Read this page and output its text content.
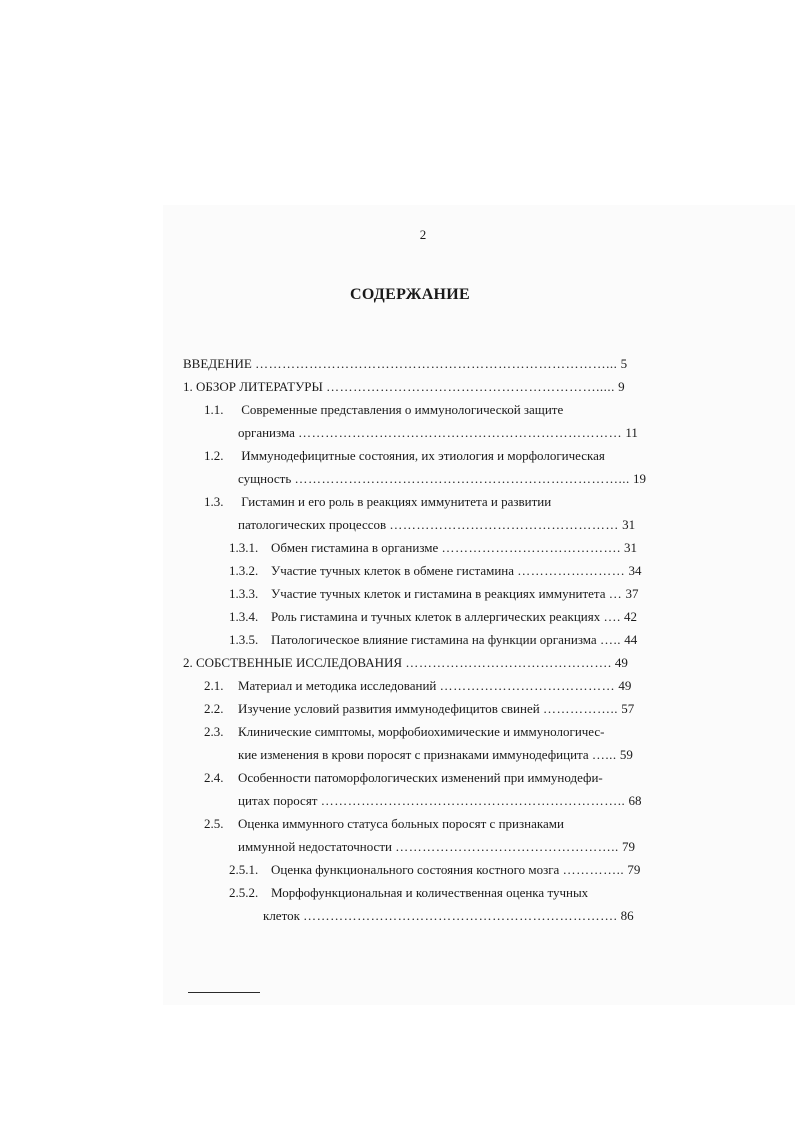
2
СОДЕРЖАНИЕ
ВВЕДЕНИЕ ……………………………………………………………………... 5
1. ОБЗОР ЛИТЕРАТУРЫ ……………………………………………………..... 9
1.1. Современные представления о иммунологической защите
организма ……………………………………………………………… 11
1.2. Иммунодефицитные состояния, их этиология и морфологическая
сущность ………………………………………………………………... 19
1.3. Гистамин и его роль в реакциях иммунитета и развитии
патологических процессов …………………………………………… 31
1.3.1. Обмен гистамина в организме …………………………………. 31
1.3.2. Участие тучных клеток в обмене гистамина …………………… 34
1.3.3. Участие тучных клеток и гистамина в реакциях иммунитета … 37
1.3.4. Роль гистамина и тучных клеток в аллергических реакциях …. 42
1.3.5. Патологическое влияние гистамина на функции организма ….. 44
2. СОБСТВЕННЫЕ ИССЛЕДОВАНИЯ ………………………………………. 49
2.1. Материал и методика исследований ………………………………… 49
2.2. Изучение условий развития иммунодефицитов свиней …………….. 57
2.3. Клинические симптомы, морфобиохимические и иммунологичес-
кие изменения в крови поросят с признаками иммунодефицита …... 59
2.4. Особенности патоморфологических изменений при иммунодефи-
цитах поросят ………………………………………………………….. 68
2.5. Оценка иммунного статуса больных поросят с признаками
иммунной недостаточности ………………………………………….. 79
2.5.1. Оценка функционального состояния костного мозга ………….. 79
2.5.2. Морфофункциональная и количественная оценка тучных
клеток ……………………………………………………………. 86
